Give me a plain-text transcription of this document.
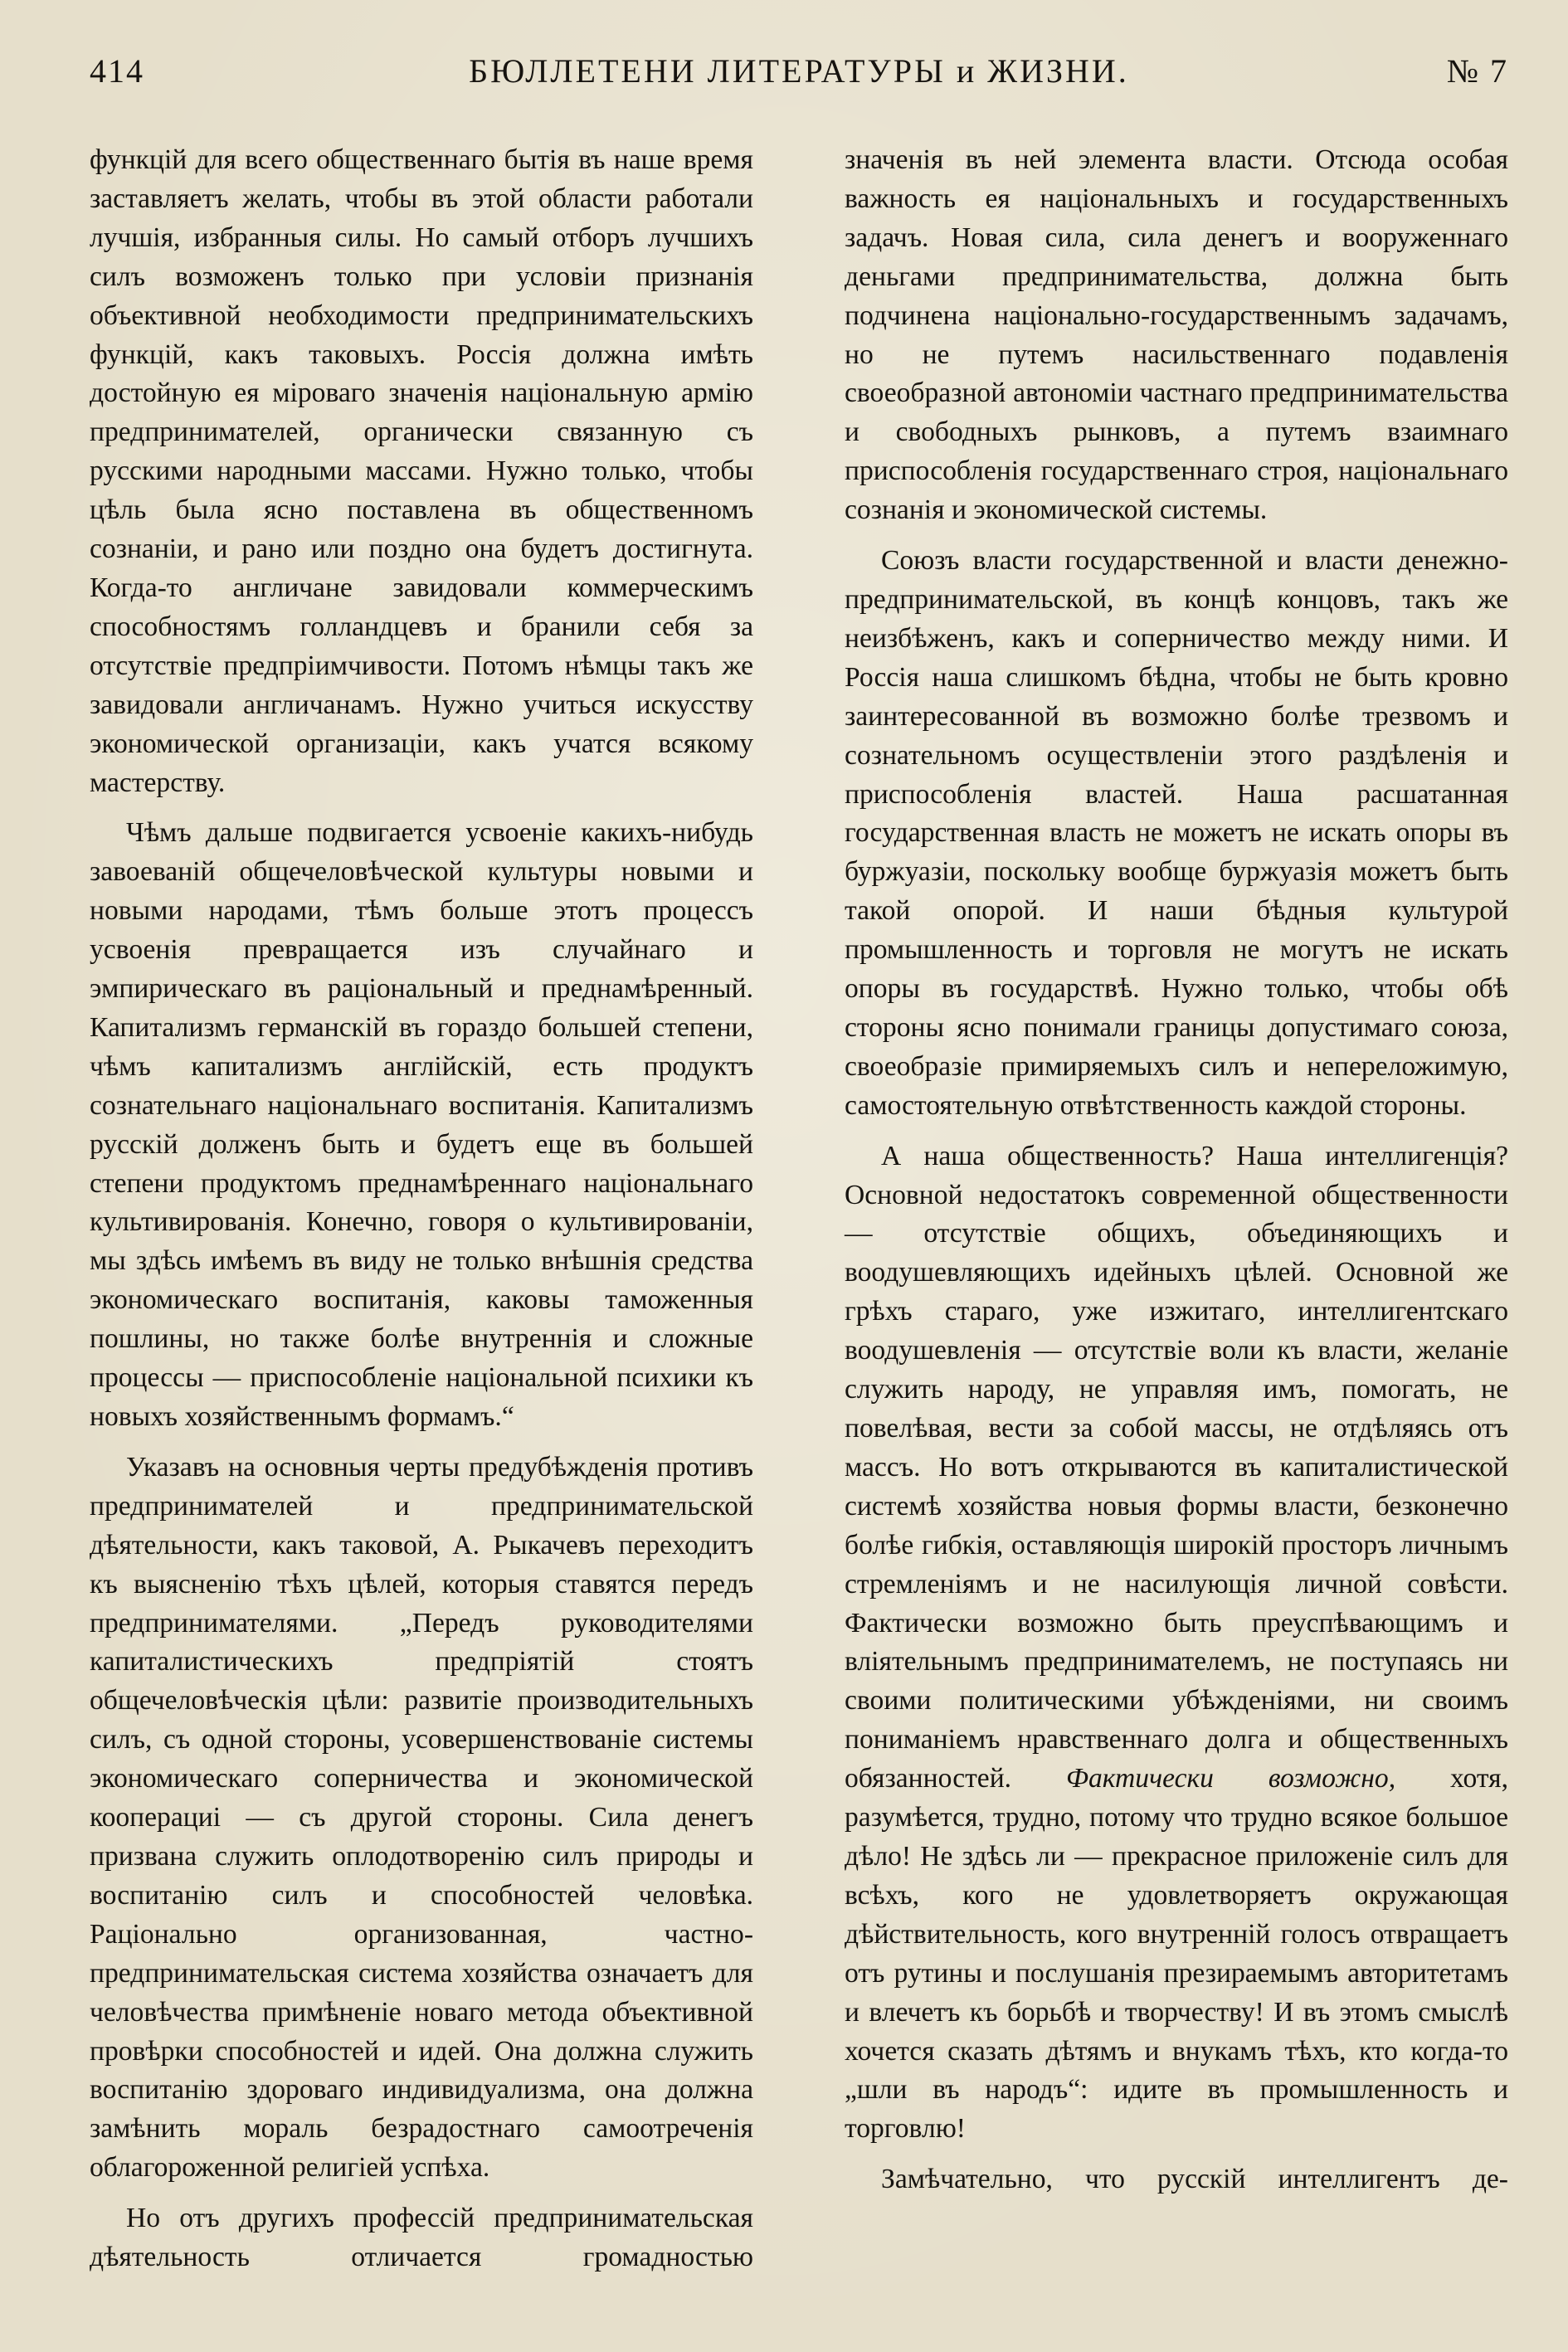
414	БЮЛЛЕТЕНИ ЛИТЕРАТУРЫ и ЖИЗНИ.	№ 7

функцій для всего общественнаго бытія въ наше время заставляетъ желать, чтобы въ этой области работали лучшія, избранныя силы. Но самый отборъ лучшихъ силъ возможенъ только при условіи признанія объективной необходимости предпринимательскихъ функцій, какъ таковыхъ. Россія должна имѣть достойную ея міроваго значенія національную армію предпринимателей, органически связанную съ русскими народными массами. Нужно только, чтобы цѣль была ясно поставлена въ общественномъ сознаніи, и рано или поздно она будетъ достигнута. Когда-то англичане завидовали коммерческимъ способностямъ голландцевъ и бранили себя за отсутствіе предпріимчивости. Потомъ нѣмцы такъ же завидовали англичанамъ. Нужно учиться искусству экономической организаціи, какъ учатся всякому мастерству.

Чѣмъ дальше подвигается усвоеніе какихъ-нибудь завоеваній общечеловѣческой культуры новыми и новыми народами, тѣмъ больше этотъ процессъ усвоенія превращается изъ случайнаго и эмпирическаго въ раціональный и преднамѣренный. Капитализмъ германскій въ гораздо большей степени, чѣмъ капитализмъ англійскій, есть продуктъ сознательнаго національнаго воспитанія. Капитализмъ русскій долженъ быть и будетъ еще въ большей степени продуктомъ преднамѣреннаго національнаго культивированія. Конечно, говоря о культивированіи, мы здѣсь имѣемъ въ виду не только внѣшнія средства экономическаго воспитанія, каковы таможенныя пошлины, но также болѣе внутреннія и сложные процессы — приспособленіе національной психики къ новыхъ хозяйственнымъ формамъ.“

Указавъ на основныя черты предубѣжденія противъ предпринимателей и предпринимательской дѣятельности, какъ таковой, А. Рыкачевъ переходитъ къ выясненію тѣхъ цѣлей, которыя ставятся передъ предпринимателями. „Передъ руководителями капиталистическихъ предпріятій стоятъ общечеловѣческія цѣли: развитіе производительныхъ силъ, съ одной стороны, усовершенствованіе системы экономическаго соперничества и экономической кооперациі — съ другой стороны. Сила денегъ призвана служить оплодотворенію силъ природы и воспитанію силъ и способностей человѣка. Раціонально организованная, частно-предпринимательская система хозяйства означаетъ для человѣчества примѣненіе новаго метода объективной провѣрки способностей и идей. Она должна служить воспитанію здороваго индивидуализма, она должна замѣнить мораль безрадостнаго самоотреченія облагороженной религіей успѣха.

Но отъ другихъ профессій предпринимательская дѣятельность отличается громадностью

значенія въ ней элемента власти. Отсюда особая важность ея національныхъ и государственныхъ задачъ. Новая сила, сила денегъ и вооруженнаго деньгами предпринимательства, должна быть подчинена національно-государственнымъ задачамъ, но не путемъ насильственнаго подавленія своеобразной автономіи частнаго предпринимательства и свободныхъ рынковъ, а путемъ взаимнаго приспособленія государственнаго строя, національнаго сознанія и экономической системы.

Союзъ власти государственной и власти денежно-предпринимательской, въ концѣ концовъ, такъ же неизбѣженъ, какъ и соперничество между ними. И Россія наша слишкомъ бѣдна, чтобы не быть кровно заинтересованной въ возможно болѣе трезвомъ и сознательномъ осуществленіи этого раздѣленія и приспособленія властей. Наша расшатанная государственная власть не можетъ не искать опоры въ буржуазіи, поскольку вообще буржуазія можетъ быть такой опорой. И наши бѣдныя культурой промышленность и торговля не могутъ не искать опоры въ государствѣ. Нужно только, чтобы обѣ стороны ясно понимали границы допустимаго союза, своеобразіе примиряемыхъ силъ и непереложимую, самостоятельную отвѣтственность каждой стороны.

А наша общественность? Наша интеллигенція? Основной недостатокъ современной общественности — отсутствіе общихъ, объединяющихъ и воодушевляющихъ идейныхъ цѣлей. Основной же грѣхъ стараго, уже изжитаго, интеллигентскаго воодушевленія — отсутствіе воли къ власти, желаніе служить народу, не управляя имъ, помогать, не повелѣвая, вести за собой массы, не отдѣляясь отъ массъ. Но вотъ открываются въ капиталистической системѣ хозяйства новыя формы власти, безконечно болѣе гибкія, оставляющія широкій просторъ личнымъ стремленіямъ и не насилующія личной совѣсти. Фактически возможно быть преуспѣвающимъ и вліятельнымъ предпринимателемъ, не поступаясь ни своими политическими убѣжденіями, ни своимъ пониманіемъ нравственнаго долга и общественныхъ обязанностей. Фактически возможно, хотя, разумѣется, трудно, потому что трудно всякое большое дѣло! Не здѣсь ли — прекрасное приложеніе силъ для всѣхъ, кого не удовлетворяетъ окружающая дѣйствительность, кого внутренній голосъ отвращаетъ отъ рутины и послушанія презираемымъ авторитетамъ и влечетъ къ борьбѣ и творчеству! И въ этомъ смыслѣ хочется сказать дѣтямъ и внукамъ тѣхъ, кто когда-то „шли въ народъ“: идите въ промышленность и торговлю!

Замѣчательно, что русскій интеллигентъ де-
